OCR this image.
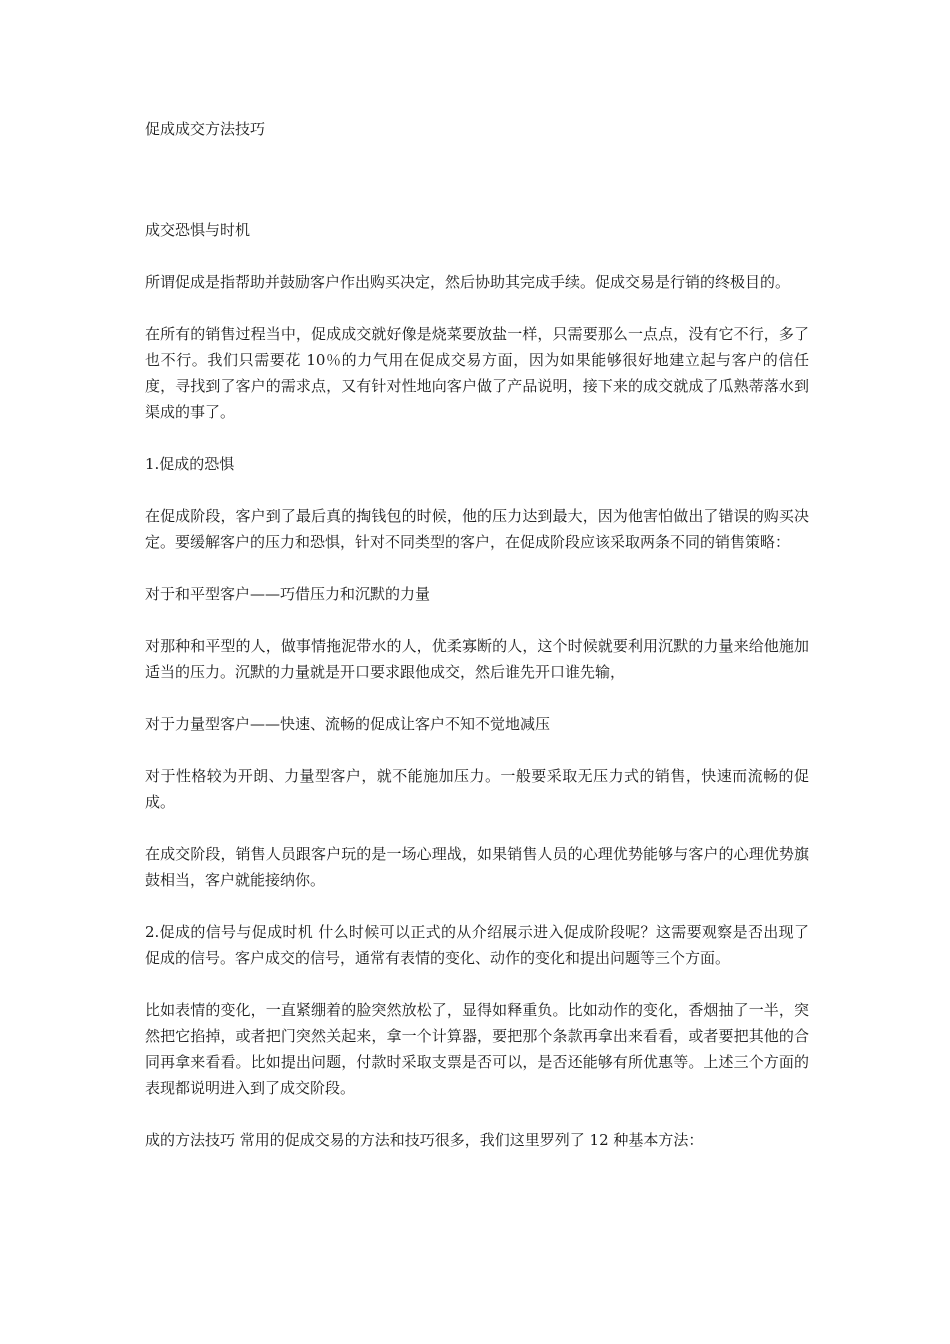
促成成交方法技巧

成交恐惧与时机

所谓促成是指帮助并鼓励客户作出购买决定，然后协助其完成手续。促成交易是行销的终极目的。

在所有的销售过程当中，促成成交就好像是烧菜要放盐一样，只需要那么一点点，没有它不行，多了也不行。我们只需要花 10％的力气用在促成交易方面，因为如果能够很好地建立起与客户的信任度，寻找到了客户的需求点，又有针对性地向客户做了产品说明，接下来的成交就成了瓜熟蒂落水到渠成的事了。

1.促成的恐惧

在促成阶段，客户到了最后真的掏钱包的时候，他的压力达到最大，因为他害怕做出了错误的购买决定。要缓解客户的压力和恐惧，针对不同类型的客户，在促成阶段应该采取两条不同的销售策略：

对于和平型客户——巧借压力和沉默的力量

对那种和平型的人，做事情拖泥带水的人，优柔寡断的人，这个时候就要利用沉默的力量来给他施加适当的压力。沉默的力量就是开口要求跟他成交，然后谁先开口谁先输，

对于力量型客户——快速、流畅的促成让客户不知不觉地减压

对于性格较为开朗、力量型客户，就不能施加压力。一般要采取无压力式的销售，快速而流畅的促成。

在成交阶段，销售人员跟客户玩的是一场心理战，如果销售人员的心理优势能够与客户的心理优势旗鼓相当，客户就能接纳你。

2.促成的信号与促成时机 什么时候可以正式的从介绍展示进入促成阶段呢？这需要观察是否出现了促成的信号。客户成交的信号，通常有表情的变化、动作的变化和提出问题等三个方面。

比如表情的变化，一直紧绷着的脸突然放松了，显得如释重负。比如动作的变化，香烟抽了一半，突然把它掐掉，或者把门突然关起来，拿一个计算器，要把那个条款再拿出来看看，或者要把其他的合同再拿来看看。比如提出问题，付款时采取支票是否可以，是否还能够有所优惠等。上述三个方面的表现都说明进入到了成交阶段。

成的方法技巧 常用的促成交易的方法和技巧很多，我们这里罗列了 12 种基本方法：
